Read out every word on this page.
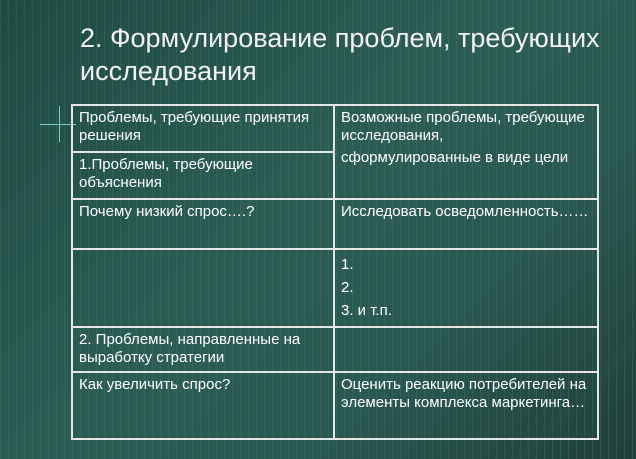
2. Формулирование проблем, требующих исследования
Проблемы, требующие принятия решения	Возможные проблемы, требующие исследования,
сформулированные в виде цели

1.Проблемы, требующие объяснения	
Почему низкий спрос….?	Исследовать осведомленность……

	1.
2.
3. и т.п.

2. Проблемы, направленные на выработку стратегии	
Как увеличить спрос?	Оценить реакцию потребителей на элементы комплекса маркетинга…
